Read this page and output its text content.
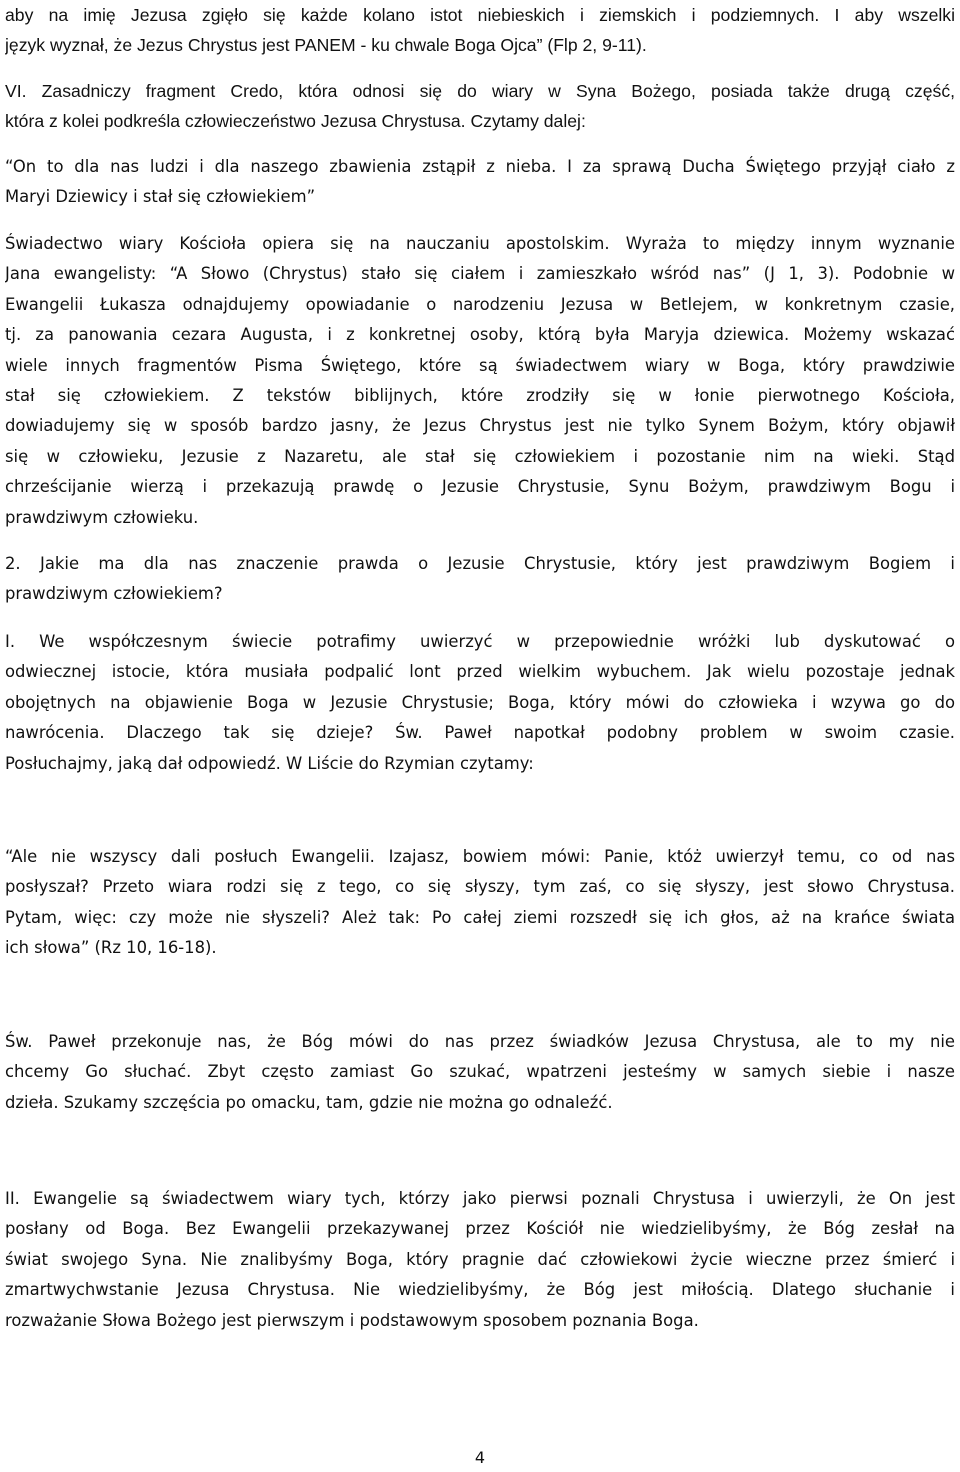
aby na imię Jezusa zgięło się każde kolano istot niebieskich i ziemskich i podziemnych. I aby wszelki
język wyznał, że Jezus Chrystus jest PANEM - ku chwale Boga Ojca” (Flp 2, 9-11).
VI. Zasadniczy fragment Credo, która odnosi się do wiary w Syna Bożego, posiada także drugą część,
która z kolei podkreśla człowieczeństwo Jezusa Chrystusa. Czytamy dalej:
“On to dla nas ludzi i dla naszego zbawienia zstąpił z nieba. I za sprawą Ducha Świętego przyjął ciało z
Maryi Dziewicy i stał się człowiekiem”
Świadectwo wiary Kościoła opiera się na nauczaniu apostolskim. Wyraża to między innym wyznanie
Jana ewangelisty: “A Słowo (Chrystus) stało się ciałem i zamieszkało wśród nas” (J 1, 3). Podobnie w
Ewangelii Łukasza odnajdujemy opowiadanie o narodzeniu Jezusa w Betlejem, w konkretnym czasie,
tj. za panowania cezara Augusta, i z konkretnej osoby, którą była Maryja dziewica. Możemy wskazać
wiele innych fragmentów Pisma Świętego, które są świadectwem wiary w Boga, który prawdziwie
stał się człowiekiem. Z tekstów biblijnych, które zrodziły się w łonie pierwotnego Kościoła,
dowiadujemy się w sposób bardzo jasny, że Jezus Chrystus jest nie tylko Synem Bożym, który objawił
się w człowieku, Jezusie z Nazaretu, ale stał się człowiekiem i pozostanie nim na wieki. Stąd
chrześcijanie wierzą i przekazują prawdę o Jezusie Chrystusie, Synu Bożym, prawdziwym Bogu i
prawdziwym człowieku.
2. Jakie ma dla nas znaczenie prawda o Jezusie Chrystusie, który jest prawdziwym Bogiem i
prawdziwym człowiekiem?
I. We współczesnym świecie potrafimy uwierzyć w przepowiednie wróżki lub dyskutować o
odwiecznej istocie, która musiała podpalić lont przed wielkim wybuchem. Jak wielu pozostaje jednak
obojętnych na objawienie Boga w Jezusie Chrystusie; Boga, który mówi do człowieka i wzywa go do
nawrócenia. Dlaczego tak się dzieje? Św. Paweł napotkał podobny problem w swoim czasie.
Posłuchajmy, jaką dał odpowiedź. W Liście do Rzymian czytamy:
“Ale nie wszyscy dali posłuch Ewangelii. Izajasz, bowiem mówi: Panie, któż uwierzył temu, co od nas
posłyszał? Przeto wiara rodzi się z tego, co się słyszy, tym zaś, co się słyszy, jest słowo Chrystusa.
Pytam, więc: czy może nie słyszeli? Ależ tak: Po całej ziemi rozszedł się ich głos, aż na krańce świata
ich słowa” (Rz 10, 16-18).
Św. Paweł przekonuje nas, że Bóg mówi do nas przez świadków Jezusa Chrystusa, ale to my nie
chcemy Go słuchać. Zbyt często zamiast Go szukać, wpatrzeni jesteśmy w samych siebie i nasze
dzieła. Szukamy szczęścia po omacku, tam, gdzie nie można go odnaleźć.
II. Ewangelie są świadectwem wiary tych, którzy jako pierwsi poznali Chrystusa i uwierzyli, że On jest
posłany od Boga. Bez Ewangelii przekazywanej przez Kościół nie wiedzielibyśmy, że Bóg zesłał na
świat swojego Syna. Nie znalibyśmy Boga, który pragnie dać człowiekowi życie wieczne przez śmierć i
zmartwychwstanie Jezusa Chrystusa. Nie wiedzielibyśmy, że Bóg jest miłością. Dlatego słuchanie i
rozważanie Słowa Bożego jest pierwszym i podstawowym sposobem poznania Boga.
4
